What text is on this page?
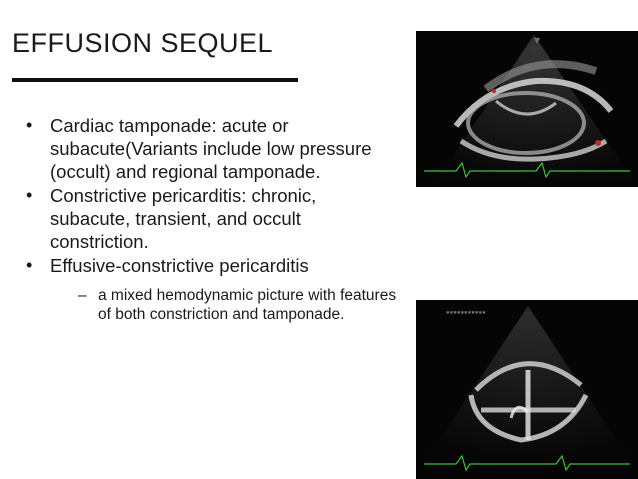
EFFUSION SEQUEL
• Cardiac tamponade: acute or subacute(Variants include low pressure (occult) and regional tamponade.
• Constrictive pericarditis: chronic, subacute, transient, and occult constriction.
• Effusive-constrictive pericarditis
– a mixed hemodynamic picture with features of both constriction and tamponade.
▼
▪▪▪▪▪▪▪▪▪▪▪
